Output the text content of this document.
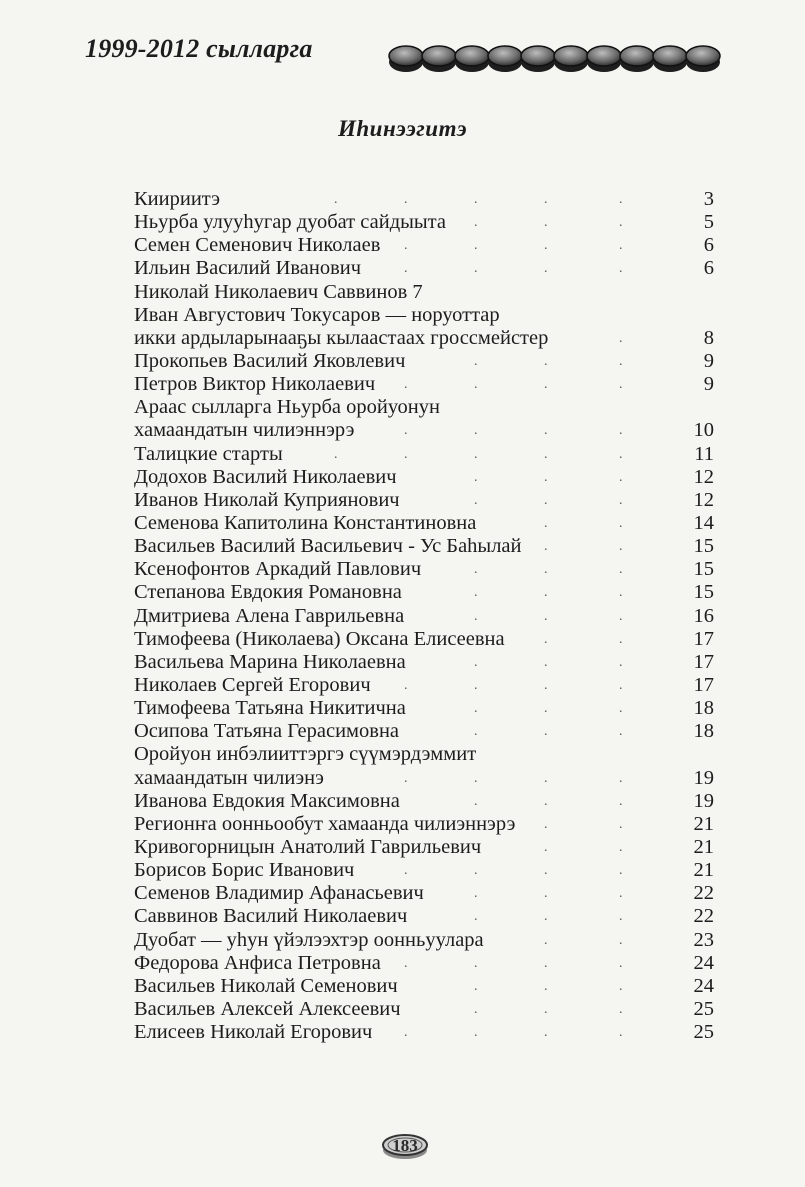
1999-2012 сылларга
Иhинээгитэ
Киириитэ	3
.	.	.	.	.
Ньурба улууhугар дуобат сайдыыта	5
.	.	.
Семен Семенович Николаев	6
.	.	.	.
Ильин Василий Иванович	6
.	.	.	.
Николай Николаевич Саввинов 7
Иван Августович Токусаров — норуоттар
икки ардыларынааҕы кылаастаах гроссмейстер	8
.
Прокопьев Василий Яковлевич	9
.	.	.
Петров Виктор Николаевич	9
.	.	.	.
Араас сылларга Ньурба оройуонун
хамаандатын чилиэннэрэ	10
.	.	.	.
Талицкие старты	11
.	.	.	.	.
Додохов Василий Николаевич	12
.	.	.
Иванов Николай Куприянович	12
.	.	.
Семенова Капитолина Константиновна	14
.	.
Васильев Василий Васильевич - Ус Баhылай	15
.	.
Ксенофонтов Аркадий Павлович	15
.	.	.
Степанова Евдокия Романовна	15
.	.	.
Дмитриева Алена Гаврильевна	16
.	.	.
Тимофеева (Николаева) Оксана Елисеевна	17
.	.
Васильева Марина Николаевна	17
.	.	.
Николаев Сергей Егорович	17
.	.	.	.
Тимофеева Татьяна Никитична	18
.	.	.
Осипова Татьяна Герасимовна	18
.	.	.
Оройуон инбэлииттэргэ сүүмэрдэммит
хамаандатын чилиэнэ	19
.	.	.	.
Иванова Евдокия Максимовна	19
.	.	.
Регионҥа оонньообут хамаанда чилиэннэрэ	21
.	.
Кривогорницын Анатолий Гаврильевич	21
.	.
Борисов Борис Иванович	21
.	.	.	.
Семенов Владимир Афанасьевич	22
.	.	.
Саввинов Василий Николаевич	22
.	.	.
Дуобат — уhун үйэлээхтэр оонньуулара	23
.	.
Федорова Анфиса Петровна	24
.	.	.	.
Васильев Николай Семенович	24
.	.	.
Васильев Алексей Алексеевич	25
.	.	.
Елисеев Николай Егорович	25
.	.	.	.
183
